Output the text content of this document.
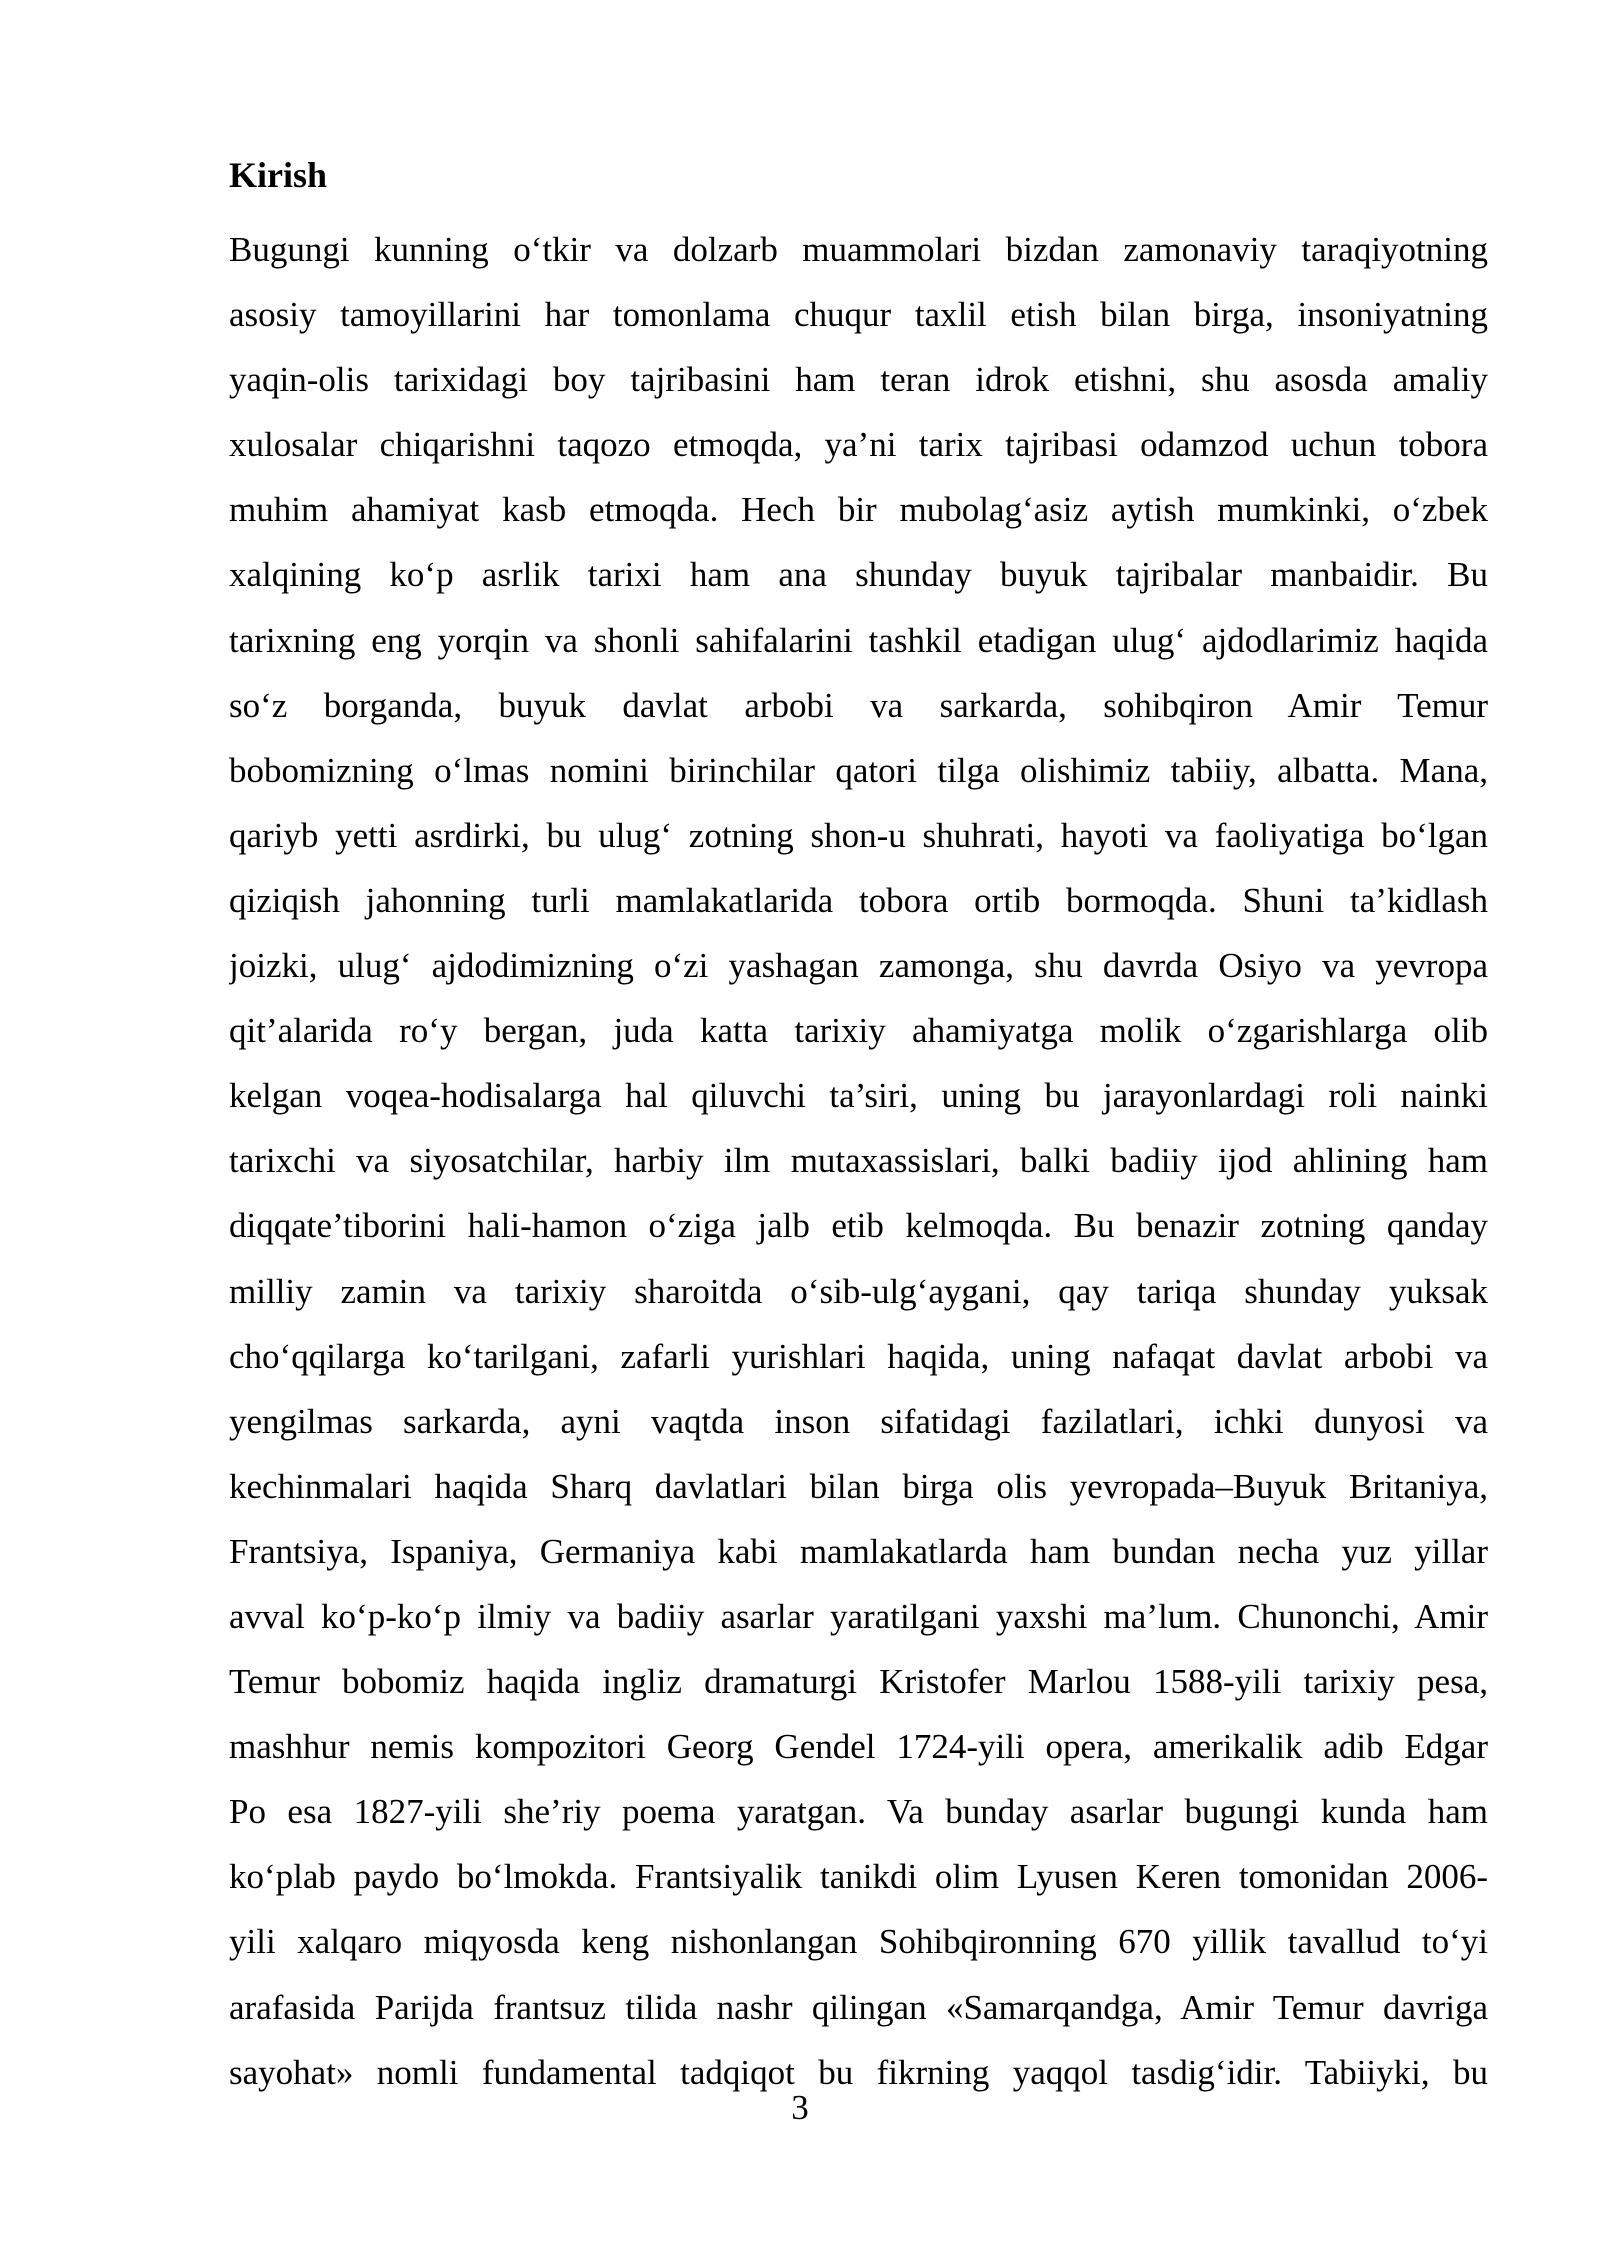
Kirish
Bugungi kunning o‘tkir va dolzarb muammolari bizdan zamonaviy taraqiyotning
asosiy tamoyillarini har tomonlama chuqur taxlil etish bilan birga, insoniyatning
yaqin-olis tarixidagi boy tajribasini ham teran idrok etishni, shu asosda amaliy
xulosalar chiqarishni taqozo etmoqda, ya’ni tarix tajribasi odamzod uchun tobora
muhim ahamiyat kasb etmoqda. Hech bir mubolag‘asiz aytish mumkinki, o‘zbek
xalqining ko‘p asrlik tarixi ham ana shunday buyuk tajribalar manbaidir. Bu
tarixning eng yorqin va shonli sahifalarini tashkil etadigan ulug‘ ajdodlarimiz haqida
so‘z borganda, buyuk davlat arbobi va sarkarda, sohibqiron Amir Temur
bobomizning o‘lmas nomini birinchilar qatori tilga olishimiz tabiiy, albatta. Mana,
qariyb yetti asrdirki, bu ulug‘ zotning shon-u shuhrati, hayoti va faoliyatiga bo‘lgan
qiziqish jahonning turli mamlakatlarida tobora ortib bormoqda. Shuni ta’kidlash
joizki, ulug‘ ajdodimizning o‘zi yashagan zamonga, shu davrda Osiyo va yevropa
qit’alarida ro‘y bergan, juda katta tarixiy ahamiyatga molik o‘zgarishlarga olib
kelgan voqea-hodisalarga hal qiluvchi ta’siri, uning bu jarayonlardagi roli nainki
tarixchi va siyosatchilar, harbiy ilm mutaxassislari, balki badiiy ijod ahlining ham
diqqate’tiborini hali-hamon o‘ziga jalb etib kelmoqda. Bu benazir zotning qanday
milliy zamin va tarixiy sharoitda o‘sib-ulg‘aygani, qay tariqa shunday yuksak
cho‘qqilarga ko‘tarilgani, zafarli yurishlari haqida, uning nafaqat davlat arbobi va
yengilmas sarkarda, ayni vaqtda inson sifatidagi fazilatlari, ichki dunyosi va
kechinmalari haqida Sharq davlatlari bilan birga olis yevropada–Buyuk Britaniya,
Frantsiya, Ispaniya, Germaniya kabi mamlakatlarda ham bundan necha yuz yillar
avval ko‘p-ko‘p ilmiy va badiiy asarlar yaratilgani yaxshi ma’lum. Chunonchi, Amir
Temur bobomiz haqida ingliz dramaturgi Kristofer Marlou 1588-yili tarixiy pesa,
mashhur nemis kompozitori Georg Gendel 1724-yili opera, amerikalik adib Edgar
Po esa 1827-yili she’riy poema yaratgan. Va bunday asarlar bugungi kunda ham
ko‘plab paydo bo‘lmokda. Frantsiyalik tanikdi olim Lyusen Keren tomonidan 2006-
yili xalqaro miqyosda keng nishonlangan Sohibqironning 670 yillik tavallud to‘yi
arafasida Parijda frantsuz tilida nashr qilingan «Samarqandga, Amir Temur davriga
sayohat» nomli fundamental tadqiqot bu fikrning yaqqol tasdig‘idir. Tabiiyki, bu
3
